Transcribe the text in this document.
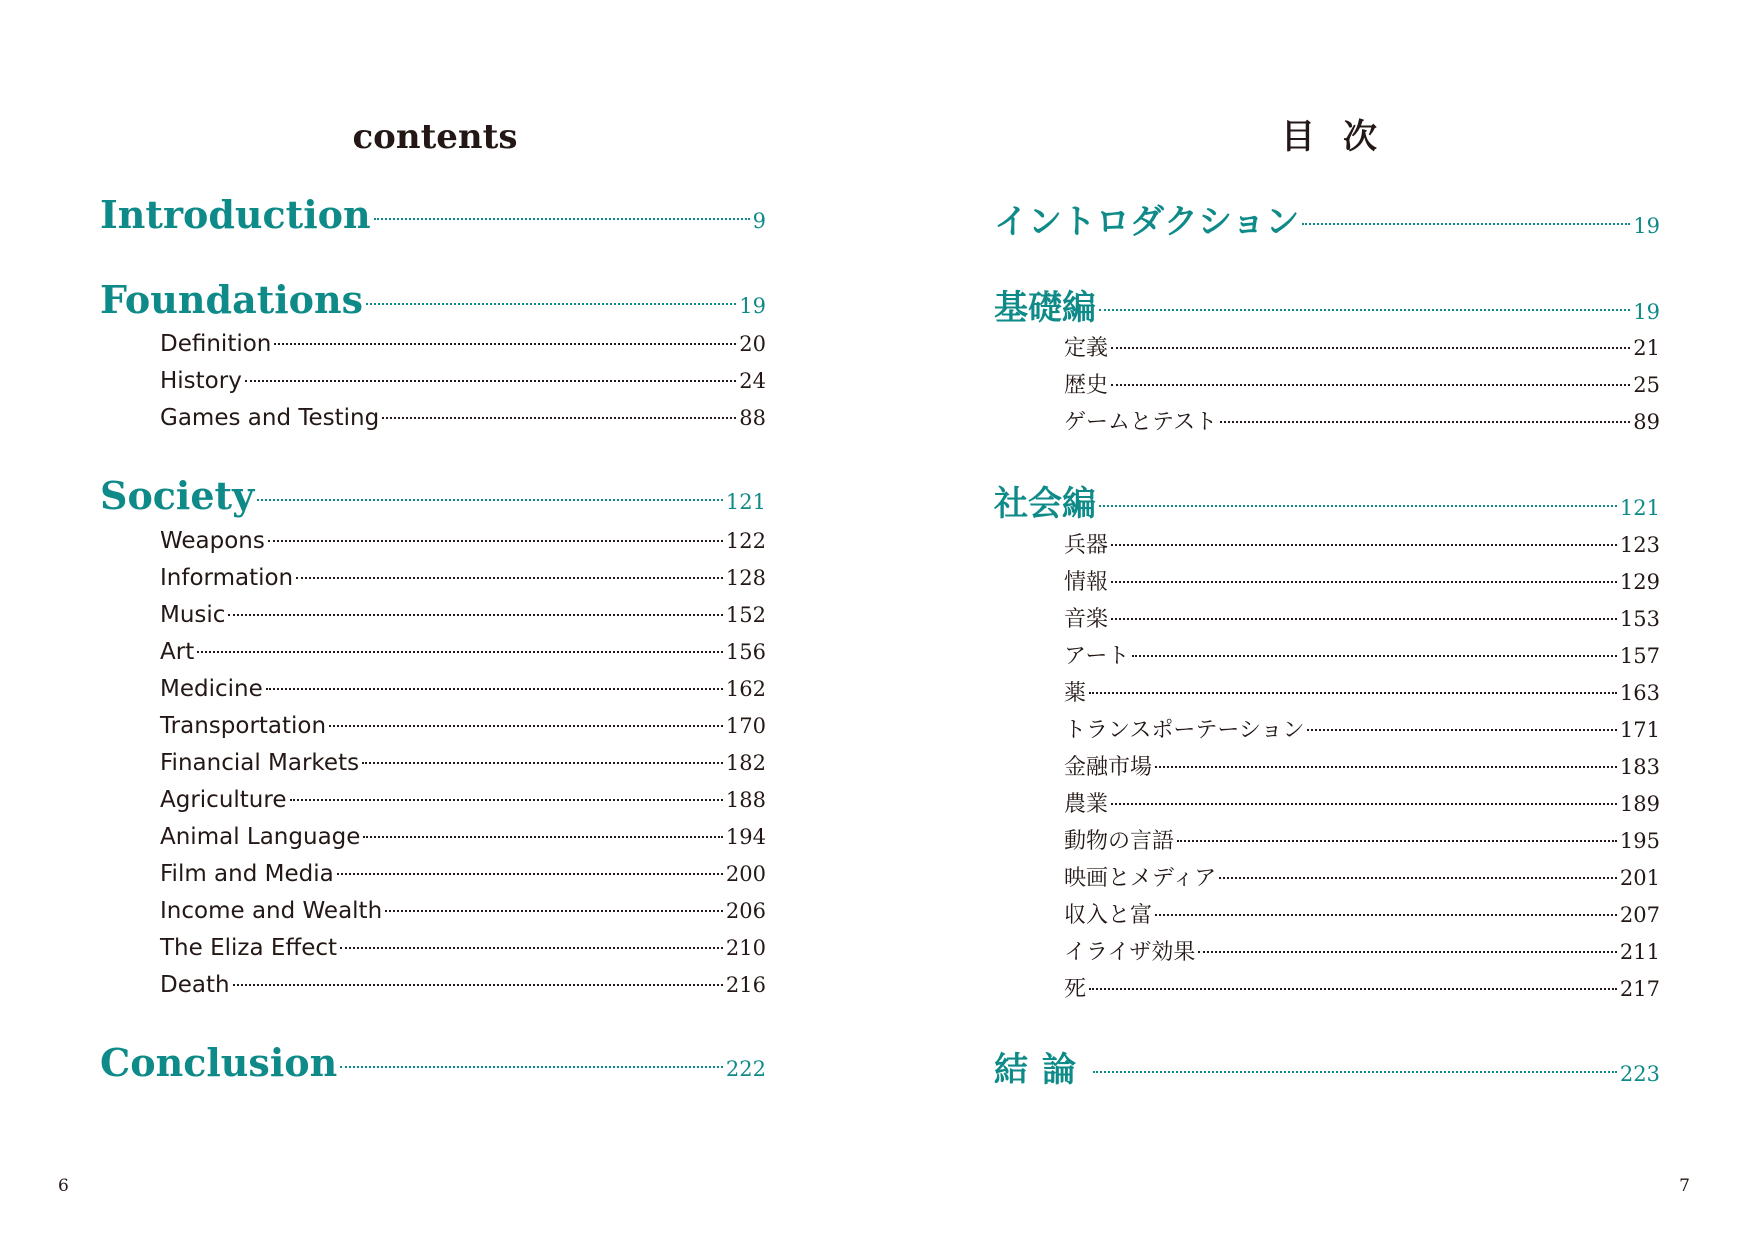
contents
Introduction	9
Foundations	19
Definition	20
History	24
Games and Testing	88
Society	121
Weapons	122
Information	128
Music	152
Art	156
Medicine	162
Transportation	170
Financial Markets	182
Agriculture	188
Animal Language	194
Film and Media	200
Income and Wealth	206
The Eliza Effect	210
Death	216
Conclusion	222
6
目次
イントロダクション	19
基礎編	19
定義	21
歴史	25
ゲームとテスト	89
社会編	121
兵器	123
情報	129
音楽	153
アート	157
薬	163
トランスポーテーション	171
金融市場	183
農業	189
動物の言語	195
映画とメディア	201
収入と富	207
イライザ効果	211
死	217
結論	223
7
